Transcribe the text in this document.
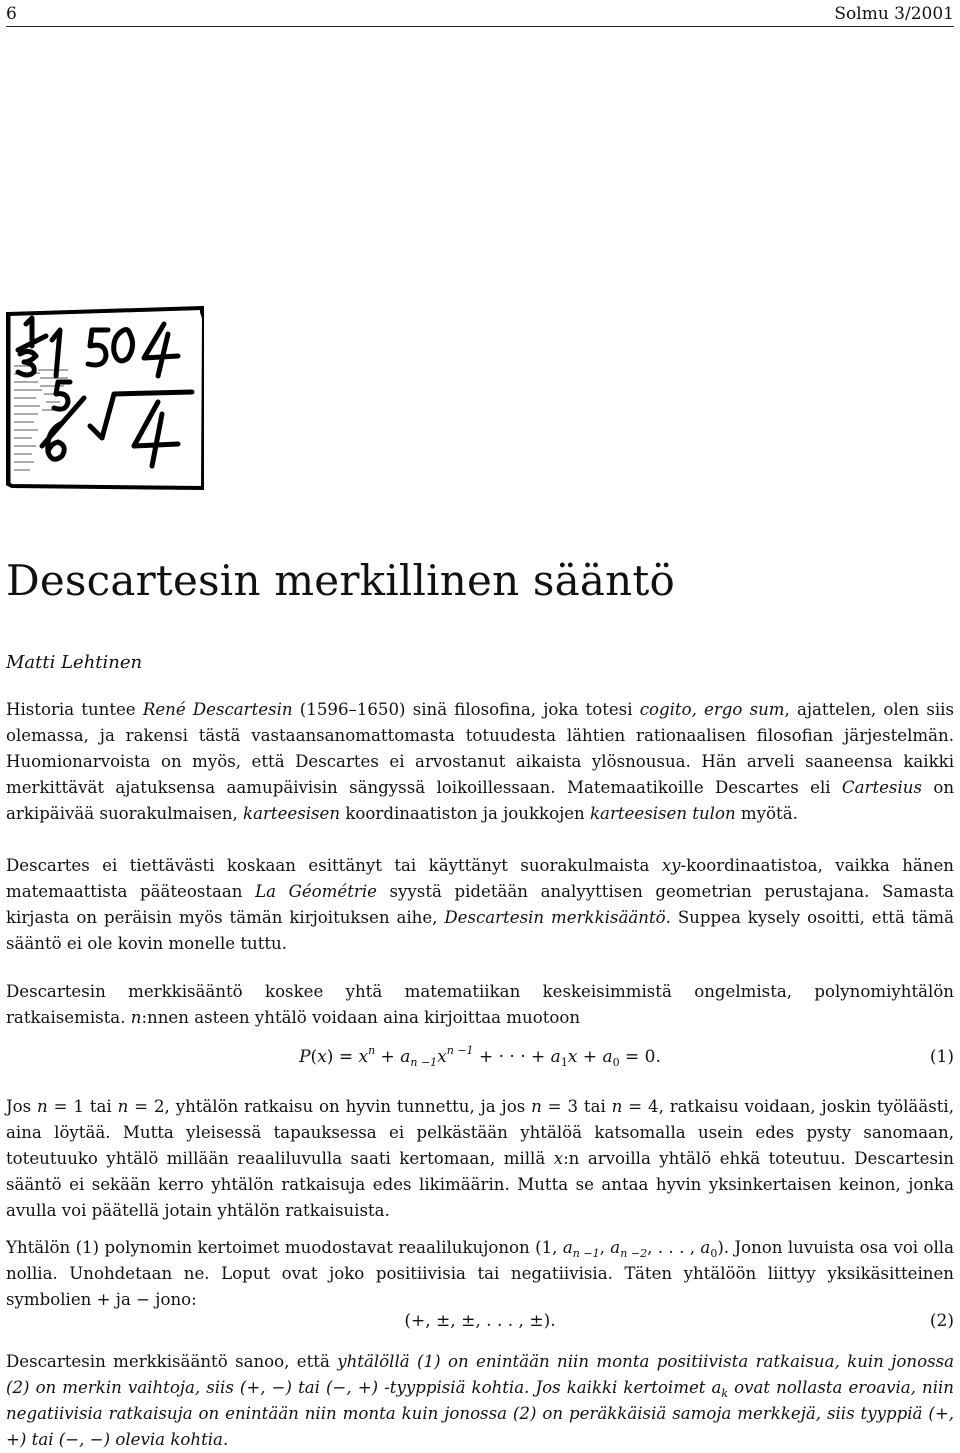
6	Solmu 3/2001
Descartesin merkillinen sääntö
Matti Lehtinen

Historia tuntee René Descartesin (1596–1650) sinä filosofina, joka totesi cogito, ergo sum, ajattelen, olen siis olemassa, ja rakensi tästä vastaansanomattomasta totuudesta lähtien rationaalisen filosofian järjestelmän. Huomionarvoista on myös, että Descartes ei arvostanut aikaista ylösnousua. Hän arveli saaneensa kaikki merkittävät ajatuksensa aamupäivisin sängyssä loikoillessaan. Matemaatikoille Descartes eli Cartesius on arkipäivää suorakulmaisen, karteesisen koordinaatiston ja joukkojen karteesisen tulon myötä.

Descartes ei tiettävästi koskaan esittänyt tai käyttänyt suorakulmaista xy-koordinaatistoa, vaikka hänen matemaattista pääteostaan La Géométrie syystä pidetään analyyttisen geometrian perustajana. Samasta kirjasta on peräisin myös tämän kirjoituksen aihe, Descartesin merkkisääntö. Suppea kysely osoitti, että tämä sääntö ei ole kovin monelle tuttu.

Descartesin merkkisääntö koskee yhtä matematiikan keskeisimmistä ongelmista, polynomiyhtälön ratkaisemista. n:nnen asteen yhtälö voidaan aina kirjoittaa muotoon

$P(x) = x^n + a_{n -1}x^{n -1}$ + · · · + $a_1x + a_0 = 0$.	(1)

Jos n = 1 tai n = 2, yhtälön ratkaisu on hyvin tunnettu, ja jos n = 3 tai n = 4, ratkaisu voidaan, joskin työläästi, aina löytää. Mutta yleisessä tapauksessa ei pelkästään yhtälöä katsomalla usein edes pysty sanomaan, toteutuuko yhtälö millään reaaliluvulla saati kertomaan, millä x:n arvoilla yhtälö ehkä toteutuu. Descartesin sääntö ei sekään kerro yhtälön ratkaisuja edes likimäärin. Mutta se antaa hyvin yksinkertaisen keinon, jonka avulla voi päätellä jotain yhtälön ratkaisuista.

Yhtälön (1) polynomin kertoimet muodostavat reaalilukujonon (1, $a_{n -1}$, $a_{n -2}$, . . . , $a_0$). Jonon luvuista osa voi olla nollia. Unohdetaan ne. Loput ovat joko positiivisia tai negatiivisia. Täten yhtälöön liittyy yksikäsitteinen symbolien + ja − jono:

(+, ±, ±, . . . , ±).	(2)

Descartesin merkkisääntö sanoo, että yhtälöllä (1) on enintään niin monta positiivista ratkaisua, kuin jonossa (2) on merkin vaihtoja, siis (+, −) tai (−, +) -tyyppisiä kohtia. Jos kaikki kertoimet $a_k$ ovat nollasta eroavia, niin negatiivisia ratkaisuja on enintään niin monta kuin jonossa (2) on peräkkäisiä samoja merkkejä, siis tyyppiä (+, +) tai (−, −) olevia kohtia.
